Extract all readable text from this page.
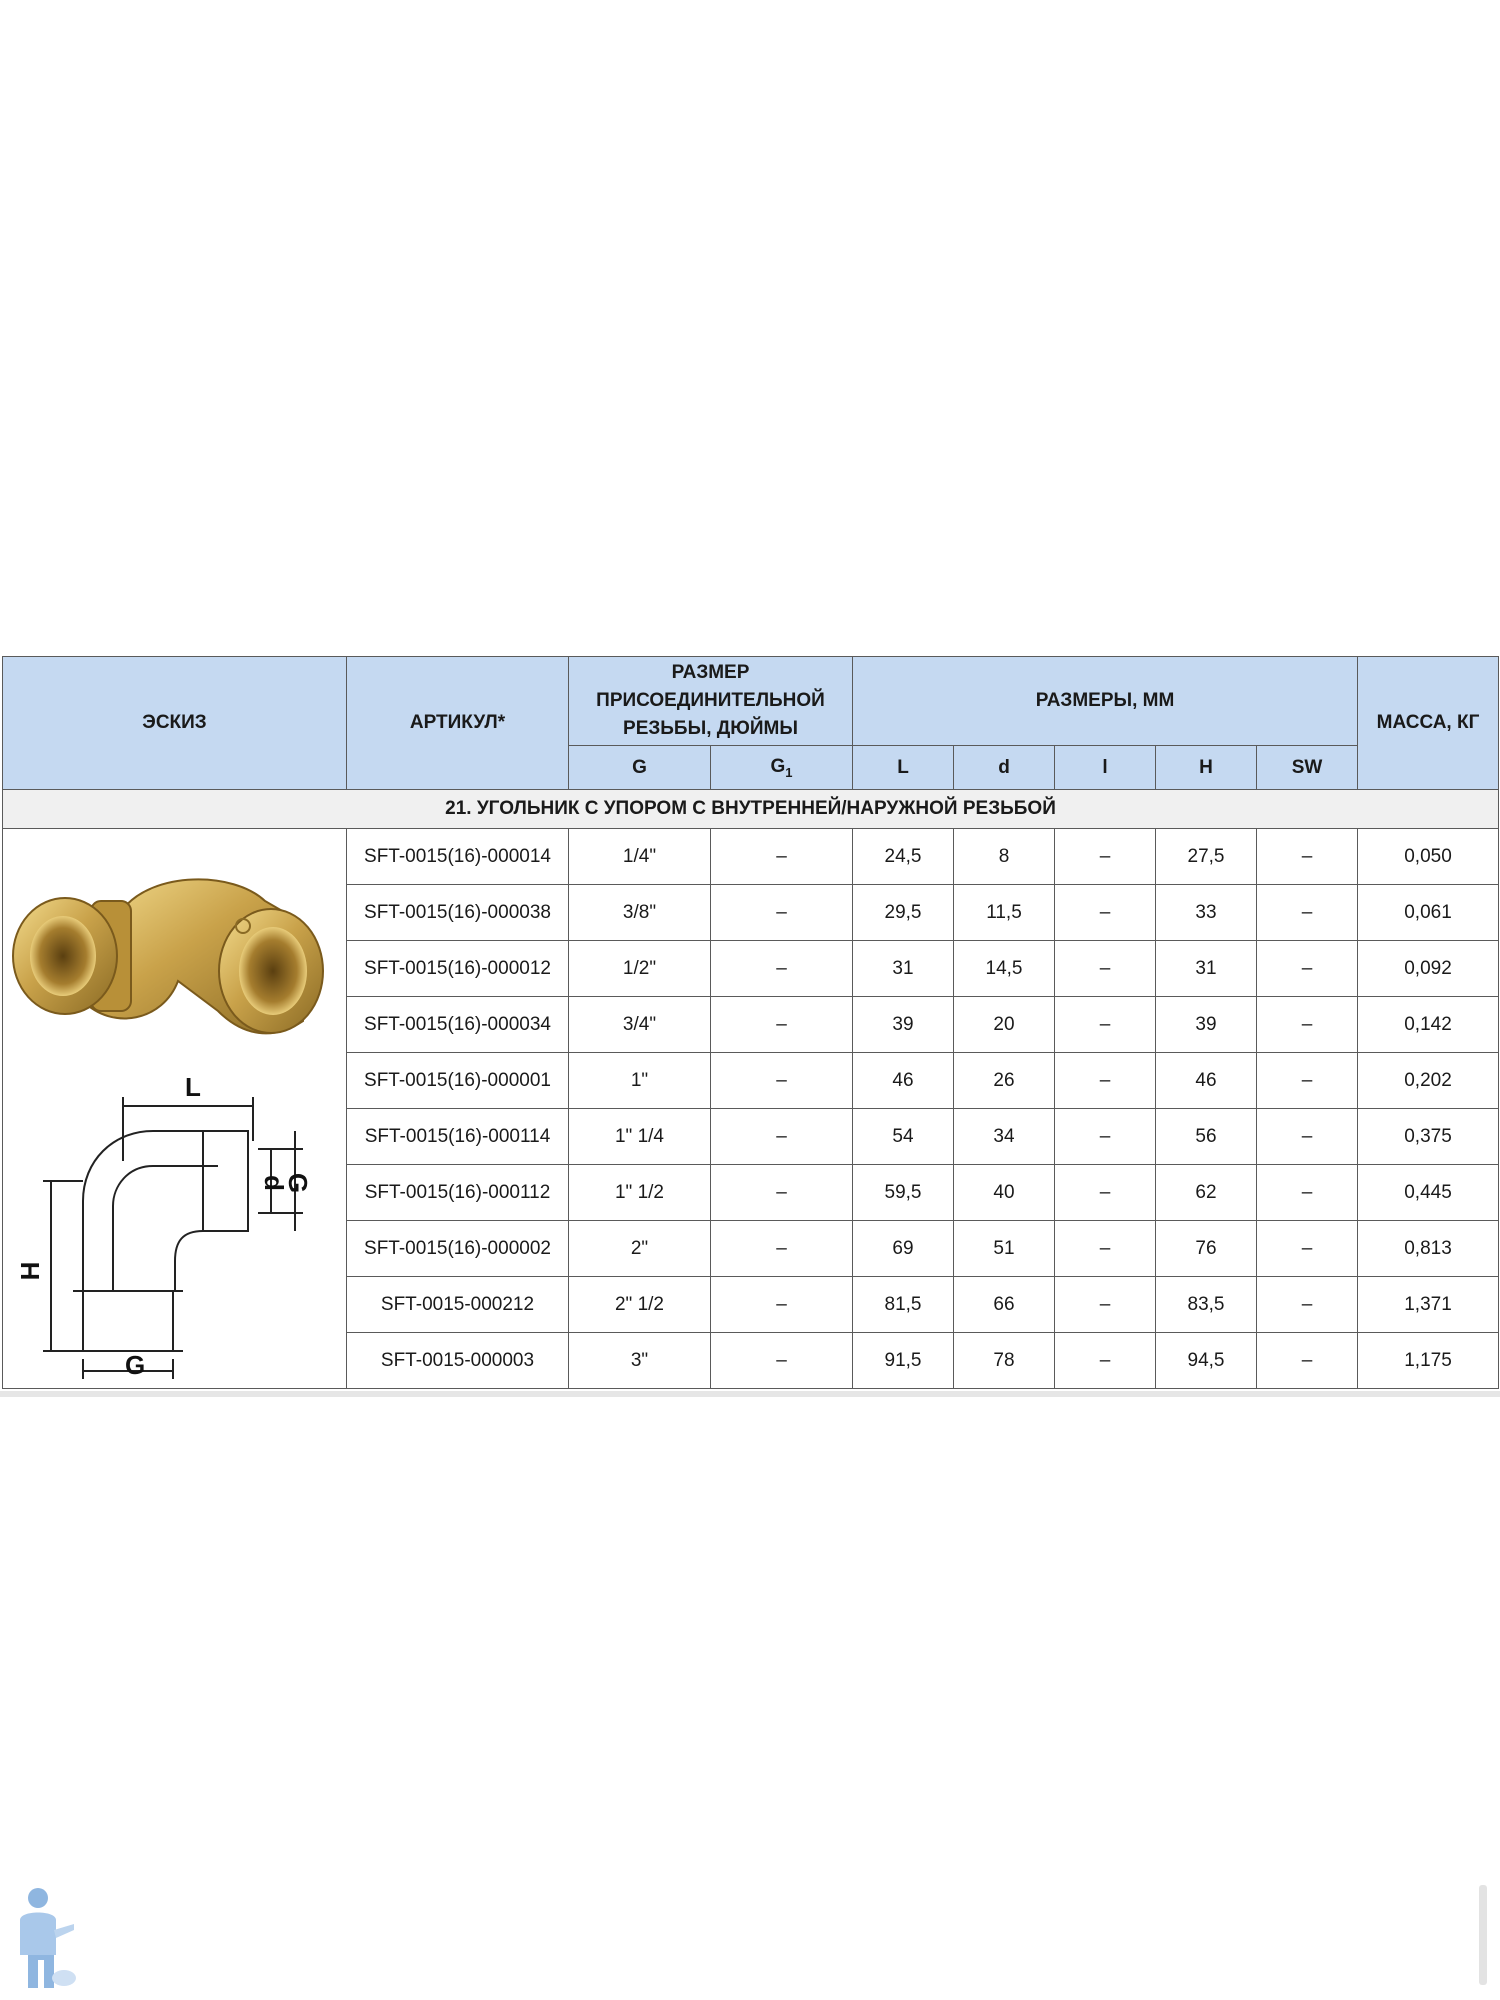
ЭСКИЗ	АРТИКУЛ*	РАЗМЕР
ПРИСОЕДИНИТЕЛЬНОЙ
РЕЗЬБЫ, ДЮЙМЫ		РАЗМЕРЫ, ММ					МАССА, КГ
		G	$G_1$	L	d	l	H	SW	
21. УГОЛЬНИК С УПОРОМ С ВНУТРЕННЕЙ/НАРУЖНОЙ РЕЗЬБОЙ									

L
H
d
G
G	SFT-0015(16)-000014	1/4"	–	24,5	8	–	27,5	–	0,050
	SFT-0015(16)-000038	3/8"	–	29,5	11,5	–	33	–	0,061
	SFT-0015(16)-000012	1/2"	–	31	14,5	–	31	–	0,092
	SFT-0015(16)-000034	3/4"	–	39	20	–	39	–	0,142
	SFT-0015(16)-000001	1"	–	46	26	–	46	–	0,202
	SFT-0015(16)-000114	1" 1/4	–	54	34	–	56	–	0,375
	SFT-0015(16)-000112	1" 1/2	–	59,5	40	–	62	–	0,445
	SFT-0015(16)-000002	2"	–	69	51	–	76	–	0,813
	SFT-0015-000212	2" 1/2	–	81,5	66	–	83,5	–	1,371
	SFT-0015-000003	3"	–	91,5	78	–	94,5	–	1,175
